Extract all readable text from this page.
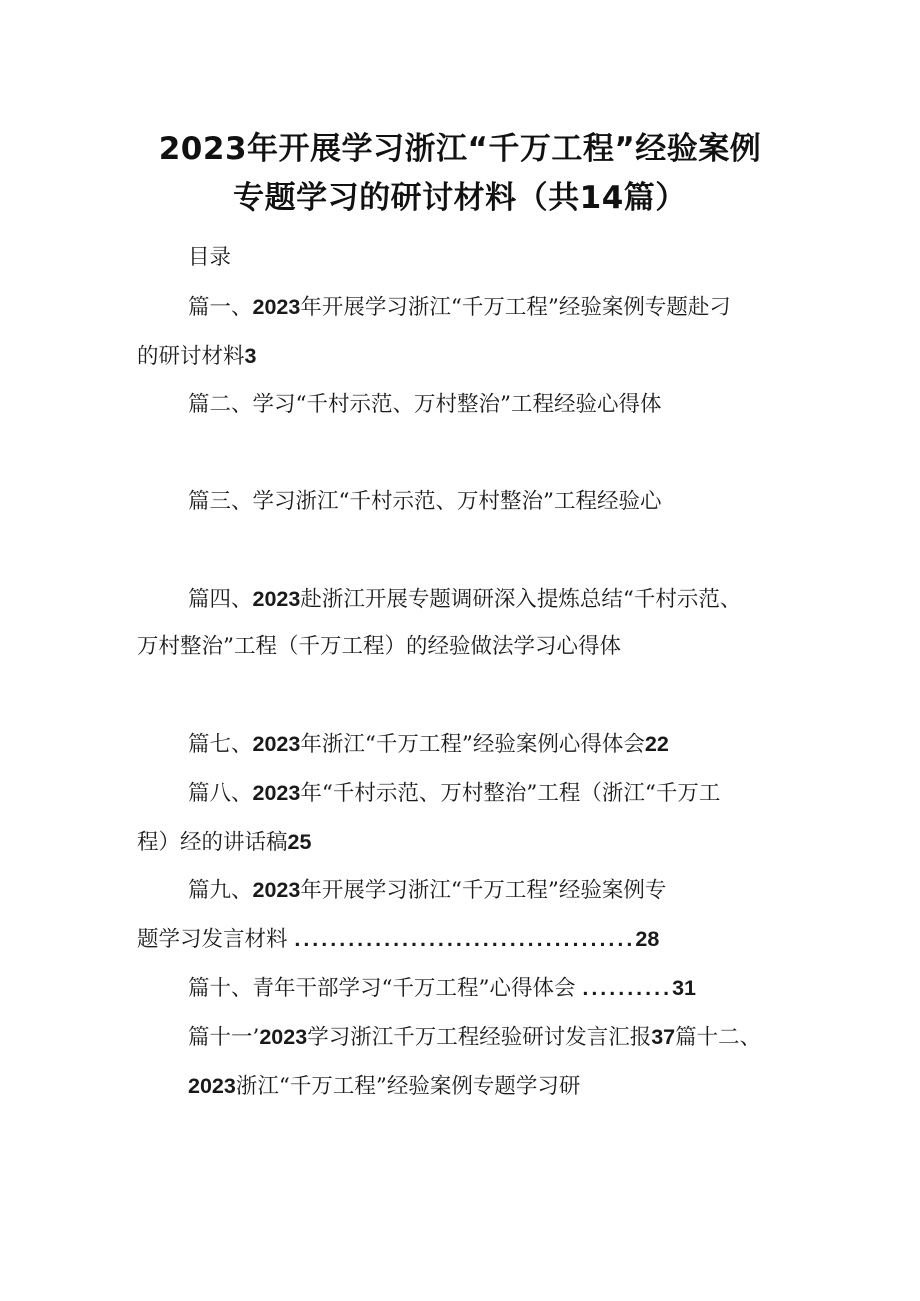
2023年开展学习浙江“千万工程”经验案例
专题学习的研讨材料（共14篇）
目录
篇一、2023年开展学习浙江“千万工程”经验案例专题赴刁
的研讨材料3
篇二、学习“千村示范、万村整治”工程经验心得体
篇三、学习浙江“千村示范、万村整治”工程经验心
篇四、2023赴浙江开展专题调研深入提炼总结“千村示范、
万村整治”工程（千万工程）的经验做法学习心得体
篇七、2023年浙江“千万工程”经验案例心得体会22
篇八、2023年“千村示范、万村整治”工程（浙江“千万工
程）经的讲话稿25
篇九、2023年开展学习浙江“千万工程”经验案例专
题学习发言材料 ......................................28
篇十、青年干部学习“千万工程”心得体会 ..........31
篇十一’2023学习浙江千万工程经验研讨发言汇报37篇十二、
2023浙江“千万工程”经验案例专题学习研
